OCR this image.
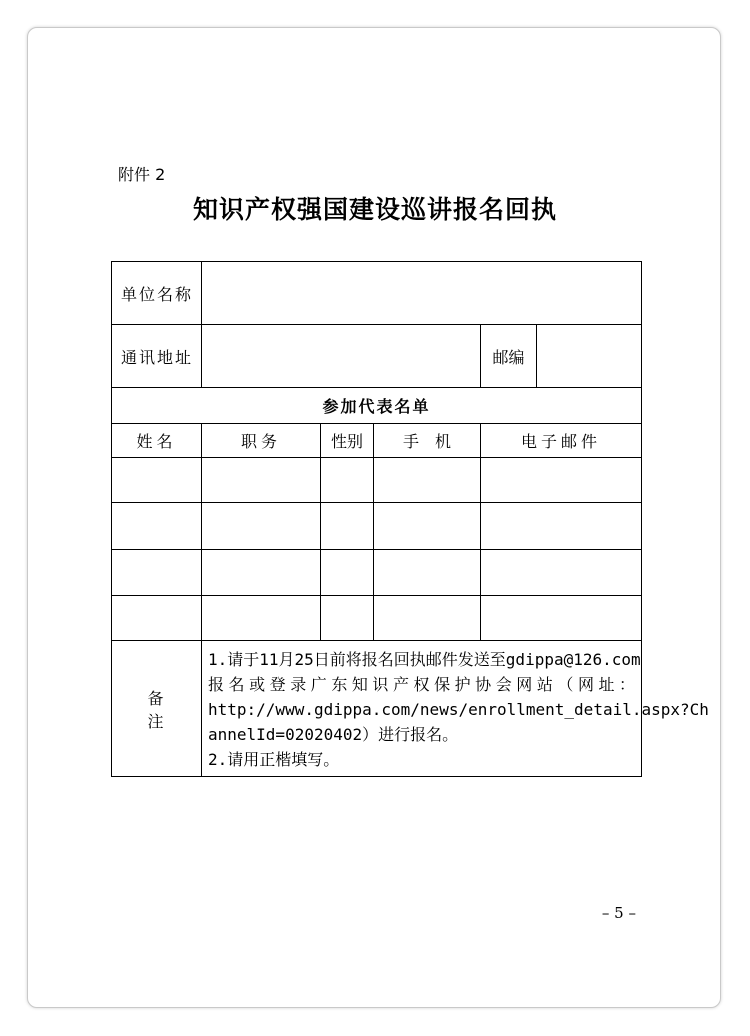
附件 2

知识产权强国建设巡讲报名回执
单位名称					
通讯地址				邮编	
参加代表名单					
姓名	职务	性别	手　机	电子邮件	

备注	1.请于11月25日前将报名回执邮件发送至gdippa@126.com
报名或登录广东知识产权保护协会网站（网址：
http://www.gdippa.com/news/enrollment_detail.aspx?Ch
annelId=02020402）进行报名。
2.请用正楷填写。				

– 5 –
